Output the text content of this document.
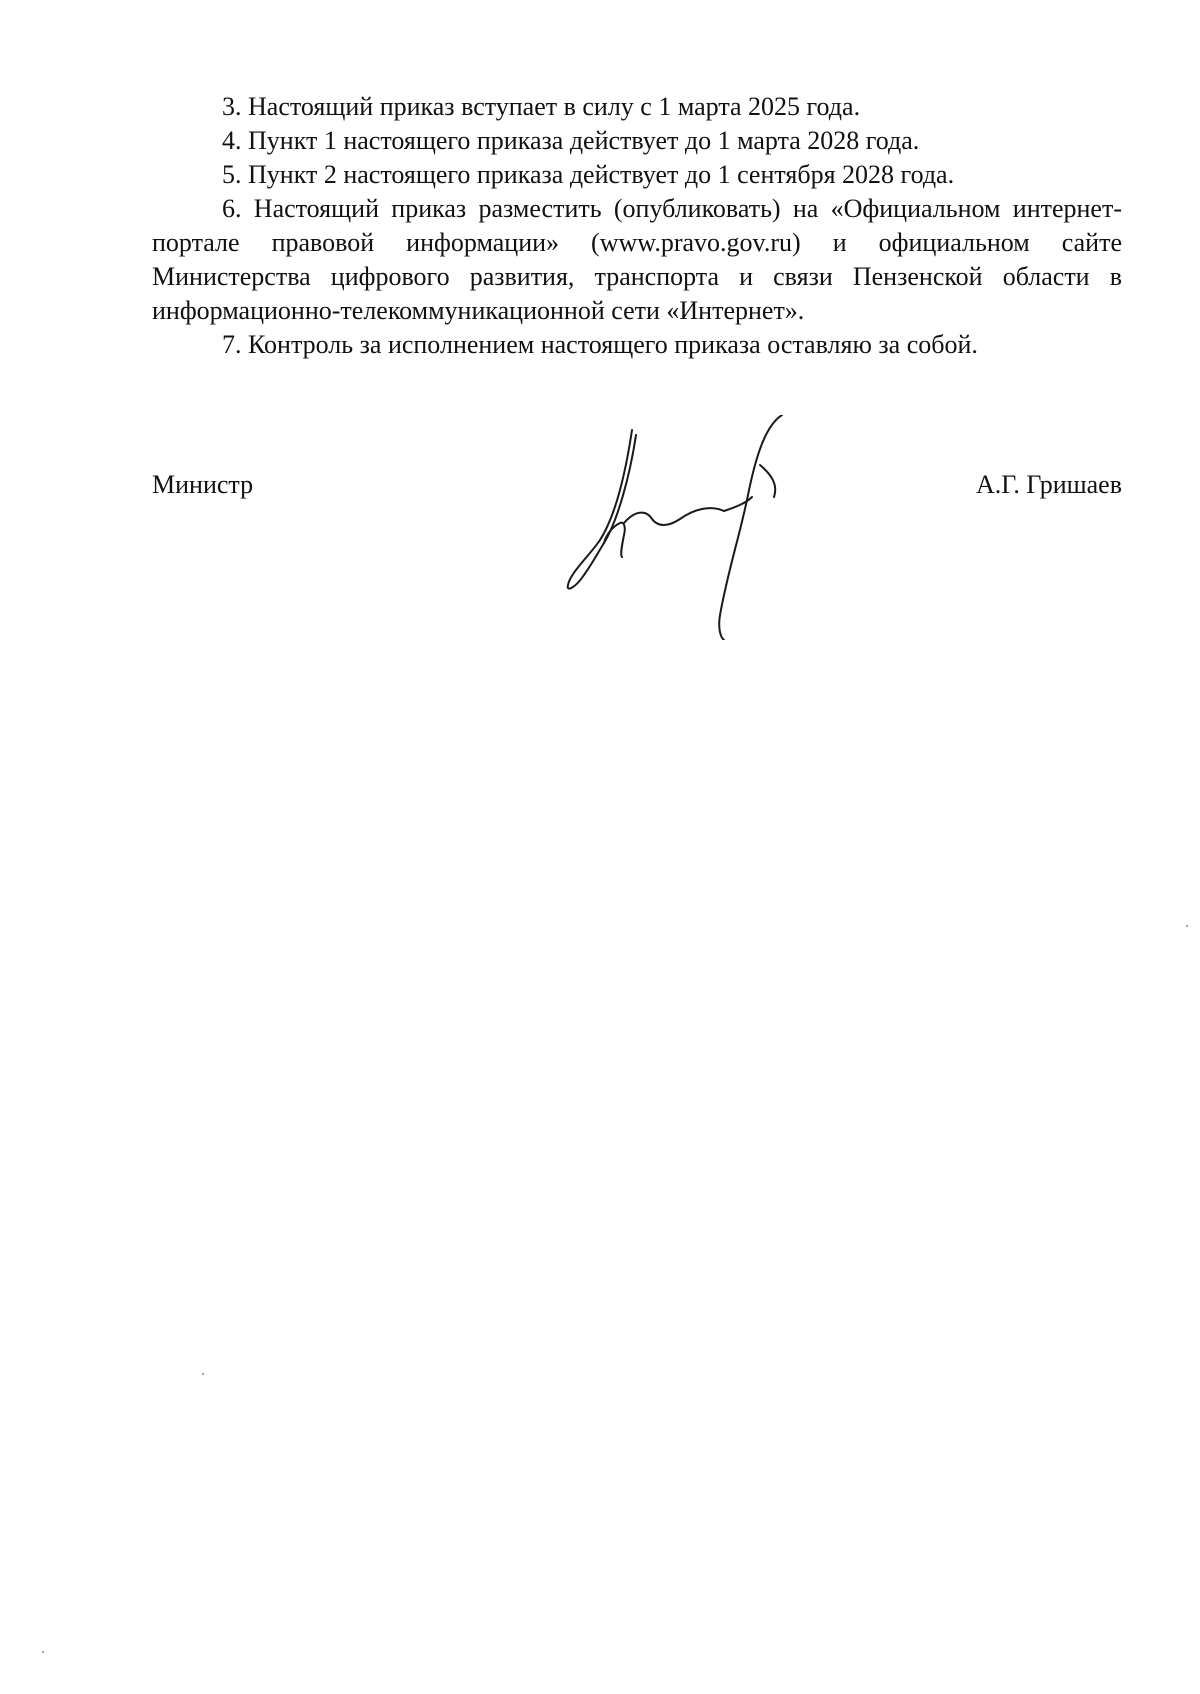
3. Настоящий приказ вступает в силу с 1 марта 2025 года.

4. Пункт 1 настоящего приказа действует до 1 марта 2028 года.

5. Пункт 2 настоящего приказа действует до 1 сентября 2028 года.

6. Настоящий приказ разместить (опубликовать) на «Официальном интернет-портале правовой информации» (www.pravo.gov.ru) и официальном сайте Министерства цифрового развития, транспорта и связи Пензенской области в информационно-телекоммуникационной сети «Интернет».

7. Контроль за исполнением настоящего приказа оставляю за собой.

Министр	А.Г. Гришаев
